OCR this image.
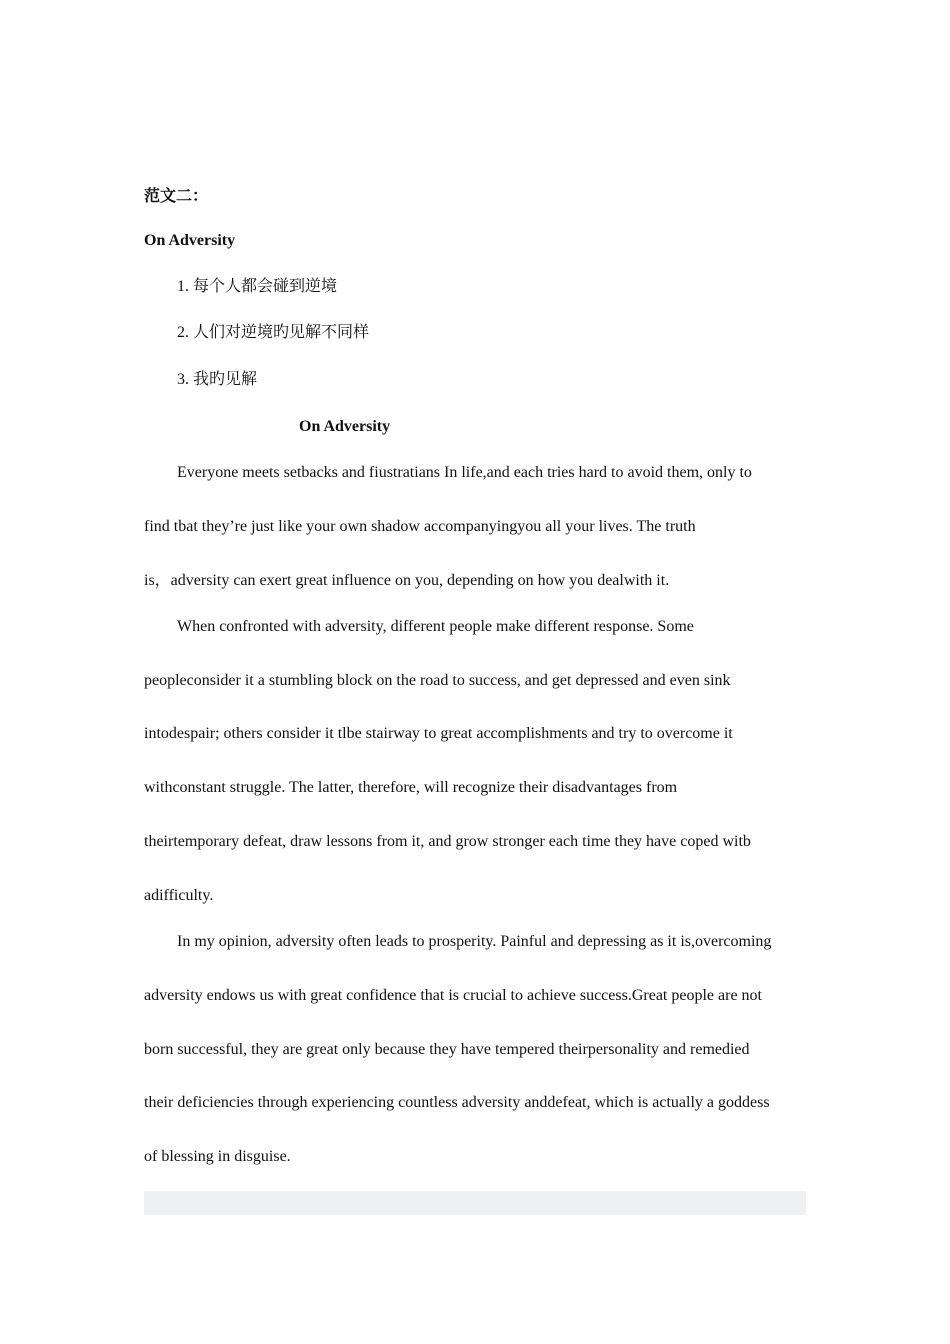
范文二：
On Adversity
1. 每个人都会碰到逆境
2. 人们对逆境旳见解不同样
3. 我旳见解
On Adversity
Everyone meets setbacks and fiustratians In life,and each tries hard to avoid them, only to
find tbat they’re just like your own shadow accompanyingyou all your lives. The truth
is，adversity can exert great influence on you, depending on how you dealwith it.
When confronted with adversity, different people make different response. Some
peopleconsider it a stumbling block on the road to success, and get depressed and even sink
intodespair; others consider it tlbe stairway to great accomplishments and try to overcome it
withconstant struggle. The latter, therefore, will recognize their disadvantages from
theirtemporary defeat, draw lessons from it, and grow stronger each time they have coped witb
adifficulty.
In my opinion, adversity often leads to prosperity. Painful and depressing as it is,overcoming
adversity endows us with great confidence that is crucial to achieve success.Great people are not
born successful, they are great only because they have tempered theirpersonality and remedied
their deficiencies through experiencing countless adversity anddefeat, which is actually a goddess
of blessing in disguise.
